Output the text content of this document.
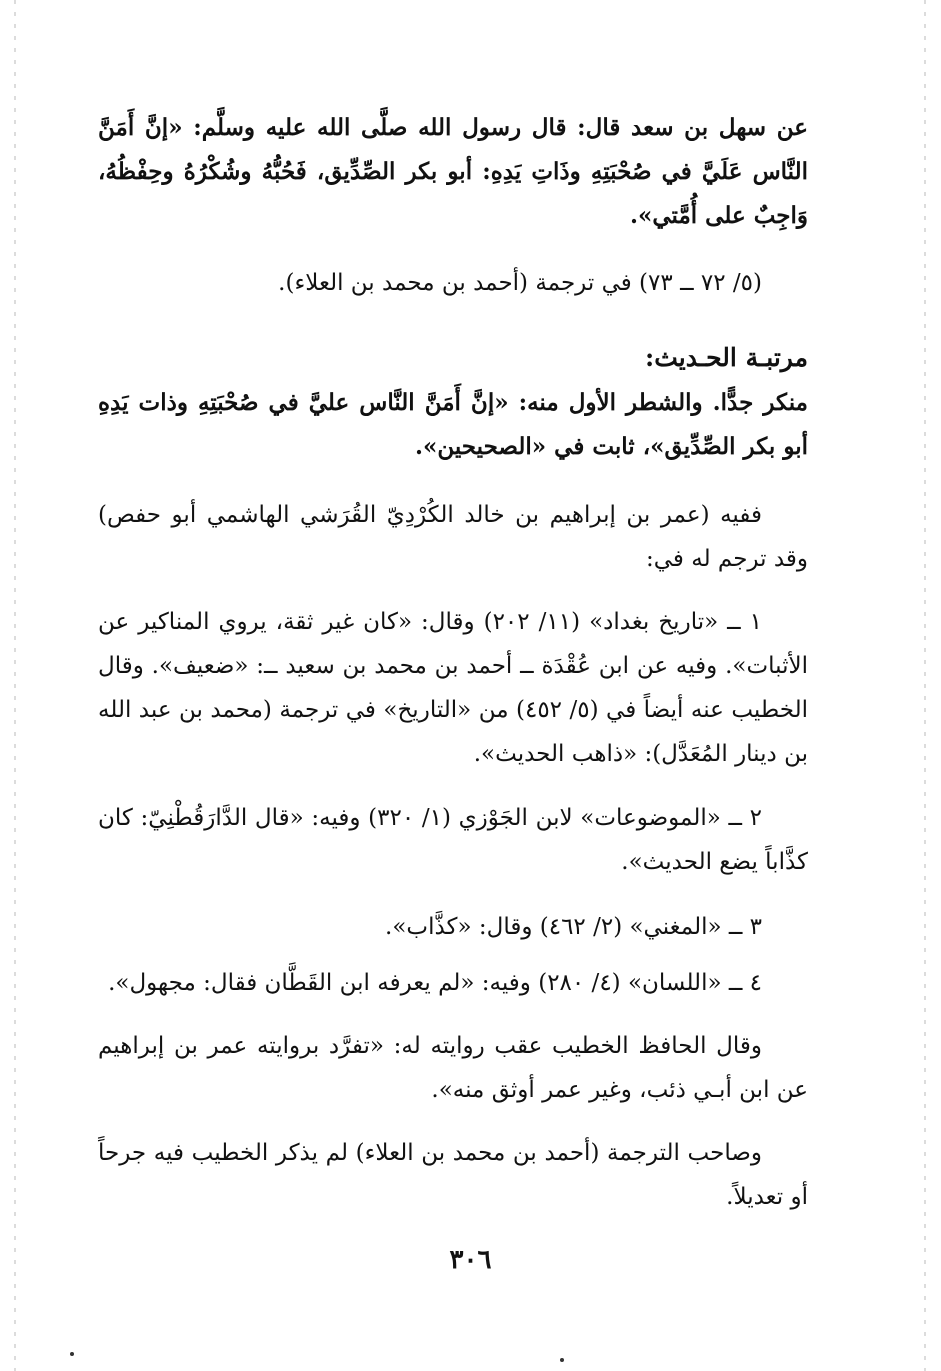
عن سهل بن سعد قال: قال رسول الله صلَّى الله عليه وسلَّم: «إنَّ أَمَنَّ النَّاس عَلَيَّ في صُحْبَتِهِ وذَاتِ يَدِهِ: أبو بكر الصِّدِّيق، فَحُبُّهُ وشُكْرُهُ وحِفْظُهُ، وَاجِبٌ على أُمَّتي».
(٥/ ٧٢ ــ ٧٣) في ترجمة (أحمد بن محمد بن العلاء).
مرتبـة الحـديث:
منكر جدًّا. والشطر الأول منه: «إنَّ أَمَنَّ النَّاس عليَّ في صُحْبَتِهِ وذات يَدِهِ أبو بكر الصِّدِّيق»، ثابت في «الصحيحين».
ففيه (عمر بن إبراهيم بن خالد الكُرْدِيّ القُرَشي الهاشمي أبو حفص) وقد ترجم له في:
١ ــ «تاريخ بغداد» (١١/ ٢٠٢) وقال: «كان غير ثقة، يروي المناكير عن الأثبات». وفيه عن ابن عُقْدَة ــ أحمد بن محمد بن سعيد ــ: «ضعيف». وقال الخطيب عنه أيضاً في (٥/ ٤٥٢) من «التاريخ» في ترجمة (محمد بن عبد الله بن دينار المُعَدَّل): «ذاهب الحديث».
٢ ــ «الموضوعات» لابن الجَوْزي (١/ ٣٢٠) وفيه: «قال الدَّارَقُطْنِيّ: كان كذَّاباً يضع الحديث».
٣ ــ «المغني» (٢/ ٤٦٢) وقال: «كذَّاب».
٤ ــ «اللسان» (٤/ ٢٨٠) وفيه: «لم يعرفه ابن القَطَّان فقال: مجهول».
وقال الحافظ الخطيب عقب روايته له: «تفرَّد بروايته عمر بن إبراهيم عن ابن أبـي ذئب، وغير عمر أوثق منه».
وصاحب الترجمة (أحمد بن محمد بن العلاء) لم يذكر الخطيب فيه جرحاً أو تعديلاً.
٣٠٦
